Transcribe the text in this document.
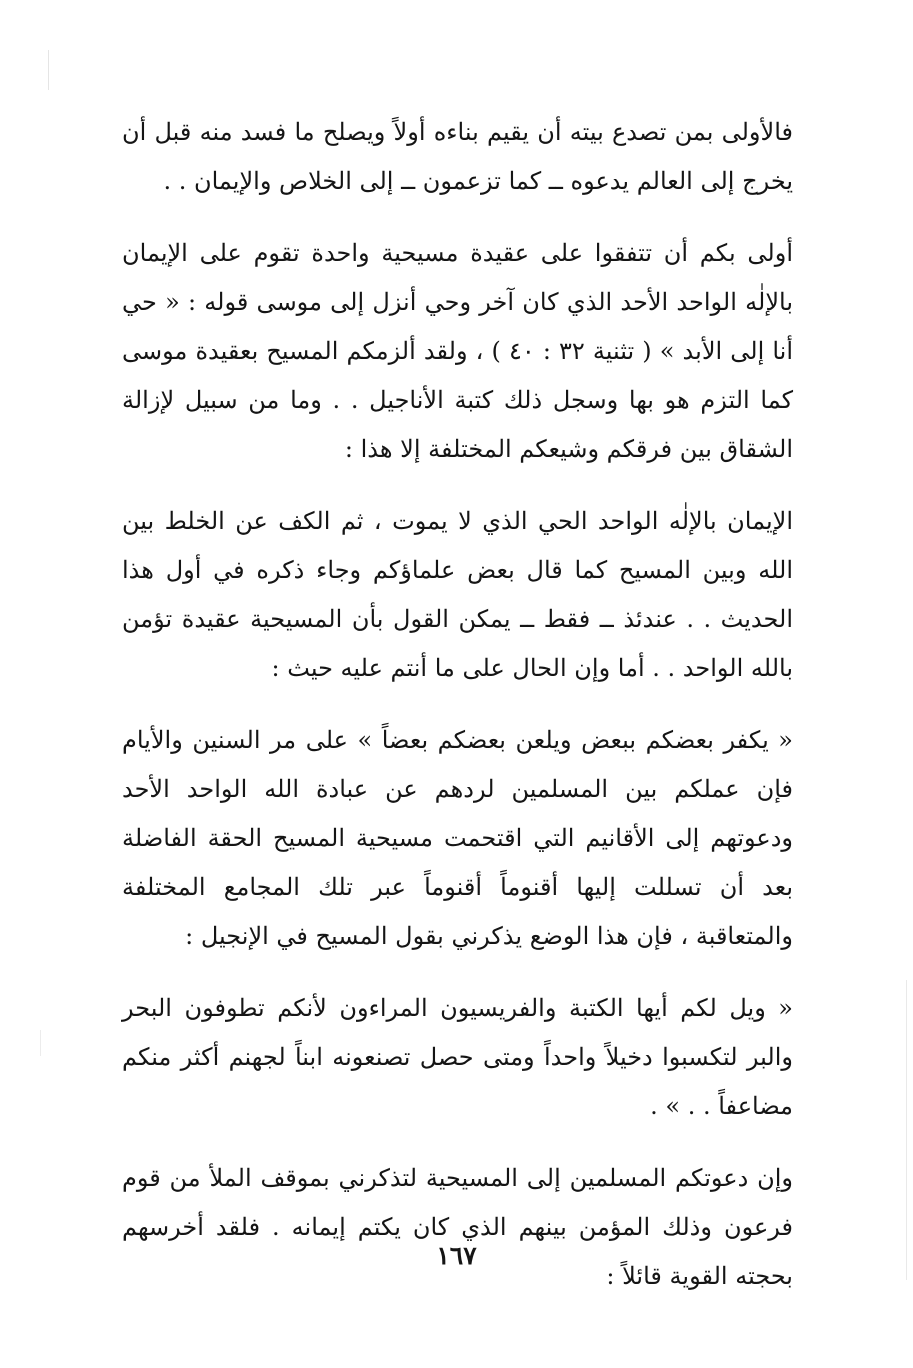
فالأولى بمن تصدع بيته أن يقيم بناءه أولاً ويصلح ما فسد منه قبل أن يخرج إلى العالم يدعوه ــ كما تزعمون ــ إلى الخلاص والإيمان . .

أولى بكم أن تتفقوا على عقيدة مسيحية واحدة تقوم على الإيمان بالإلٰه الواحد الأحد الذي كان آخر وحي أنزل إلى موسى قوله : « حي أنا إلى الأبد » ( تثنية ٣٢ : ٤٠ ) ، ولقد ألزمكم المسيح بعقيدة موسى كما التزم هو بها وسجل ذلك كتبة الأناجيل . . وما من سبيل لإزالة الشقاق بين فرقكم وشيعكم المختلفة إلا هذا :

الإيمان بالإلٰه الواحد الحي الذي لا يموت ، ثم الكف عن الخلط بين الله وبين المسيح كما قال بعض علماؤكم وجاء ذكره في أول هذا الحديث . . عندئذ ــ فقط ــ يمكن القول بأن المسيحية عقيدة تؤمن بالله الواحد . . أما وإن الحال على ما أنتم عليه حيث :

« يكفر بعضكم ببعض ويلعن بعضكم بعضاً » على مر السنين والأيام فإن عملكم بين المسلمين لردهم عن عبادة الله الواحد الأحد ودعوتهم إلى الأقانيم التي اقتحمت مسيحية المسيح الحقة الفاضلة بعد أن تسللت إليها أقنوماً أقنوماً عبر تلك المجامع المختلفة والمتعاقبة ، فإن هذا الوضع يذكرني بقول المسيح في الإنجيل :

« ويل لكم أيها الكتبة والفريسيون المراءون لأنكم تطوفون البحر والبر لتكسبوا دخيلاً واحداً ومتى حصل تصنعونه ابناً لجهنم أكثر منكم مضاعفاً . . » .

وإن دعوتكم المسلمين إلى المسيحية لتذكرني بموقف الملأ من قوم فرعون وذلك المؤمن بينهم الذي كان يكتم إيمانه . فلقد أخرسهم بحجته القوية قائلاً :

١٦٧
